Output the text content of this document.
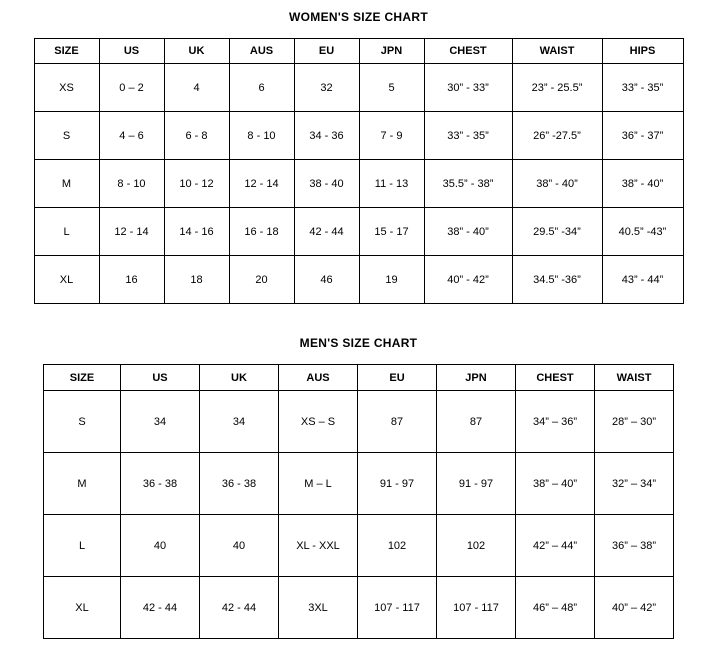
WOMEN'S SIZE CHART
SIZE	US	UK	AUS	EU	JPN	CHEST	WAIST	HIPS
XS	0 – 2	4	6	32	5	30” - 33”	23” - 25.5”	33” - 35”
S	4 – 6	6 - 8	8 - 10	34 - 36	7 - 9	33” - 35”	26” -27.5”	36” - 37”
M	8 - 10	10 - 12	12 - 14	38 - 40	11 - 13	35.5” - 38”	38” - 40”	38” - 40”
L	12 - 14	14 - 16	16 - 18	42 - 44	15 - 17	38” - 40”	29.5” -34”	40.5” -43”
XL	16	18	20	46	19	40” - 42”	34.5” -36”	43” - 44”
MEN'S SIZE CHART
SIZE	US	UK	AUS	EU	JPN	CHEST	WAIST
S	34	34	XS – S	87	87	34” – 36”	28” – 30”
M	36 - 38	36 - 38	M – L	91 - 97	91 - 97	38” – 40”	32” – 34”
L	40	40	XL - XXL	102	102	42” – 44”	36” – 38”
XL	42 - 44	42 - 44	3XL	107 - 117	107 - 117	46” – 48”	40” – 42”
